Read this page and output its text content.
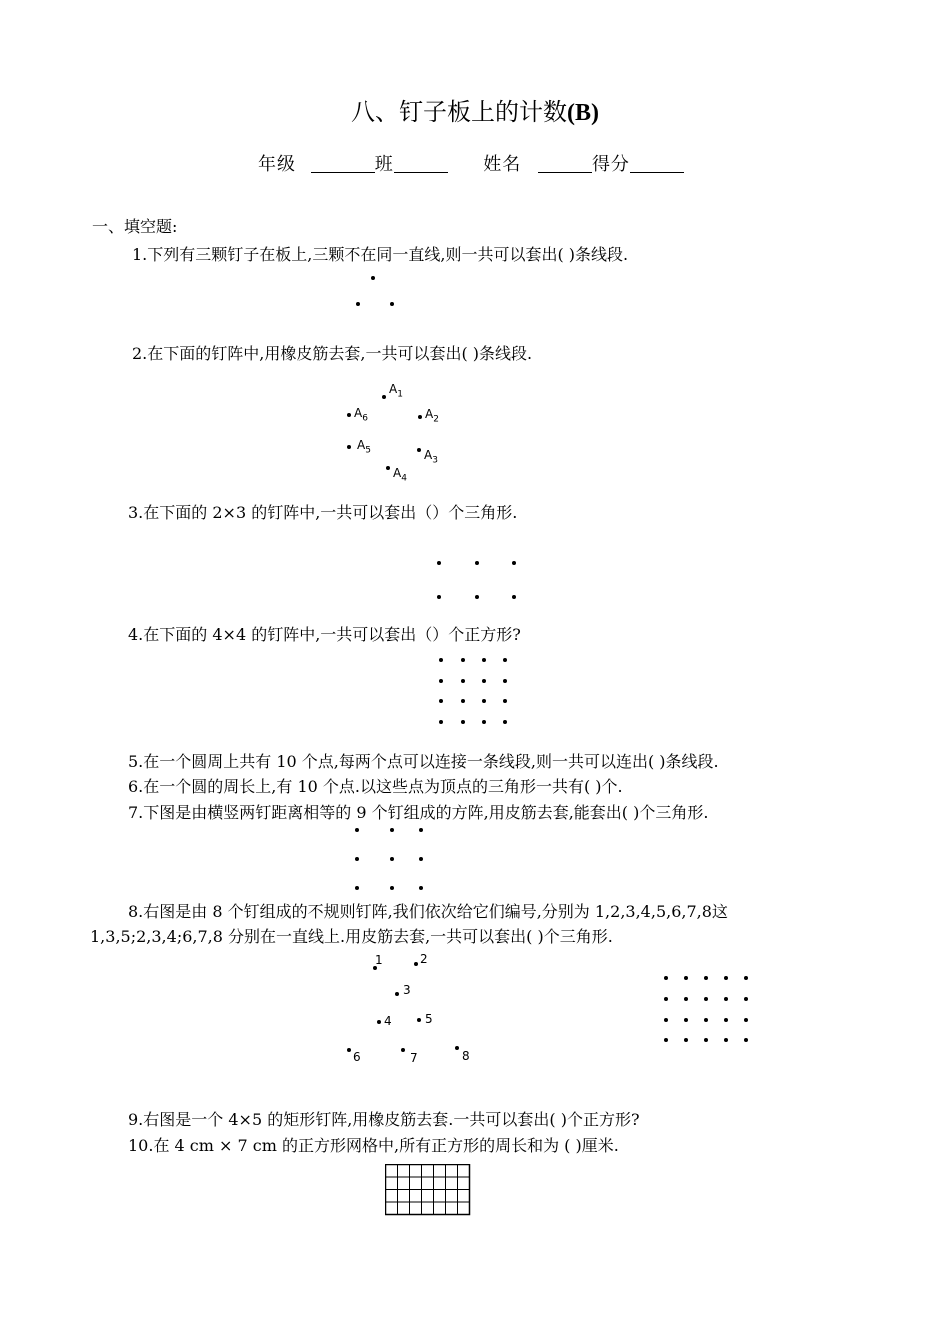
八、钉子板上的计数(B)
年级	班	姓名	得分
一、填空题:
1.下列有三颗钉子在板上,三颗不在同一直线,则一共可以套出( )条线段.
2.在下面的钉阵中,用橡皮筋去套,一共可以套出( )条线段.
$A_1$
$A_6$	$A_2$
$A_5$	$A_3$
$A_4$
3.在下面的 2×3 的钉阵中,一共可以套出（）个三角形.
4.在下面的 4×4 的钉阵中,一共可以套出（）个正方形?
5.在一个圆周上共有 10 个点,每两个点可以连接一条线段,则一共可以连出( )条线段.
6.在一个圆的周长上,有 10 个点.以这些点为顶点的三角形一共有( )个.
7.下图是由横竖两钉距离相等的 9 个钉组成的方阵,用皮筋去套,能套出( )个三角形.
8.右图是由 8 个钉组成的不规则钉阵,我们依次给它们编号,分别为 1,2,3,4,5,6,7,8这
1,3,5;2,3,4;6,7,8 分别在一直线上.用皮筋去套,一共可以套出( )个三角形.
1	2
3
4	5
6	7	8
9.右图是一个 4×5 的矩形钉阵,用橡皮筋去套.一共可以套出( )个正方形?
10.在 4 cm × 7 cm 的正方形网格中,所有正方形的周长和为 ( )厘米.
